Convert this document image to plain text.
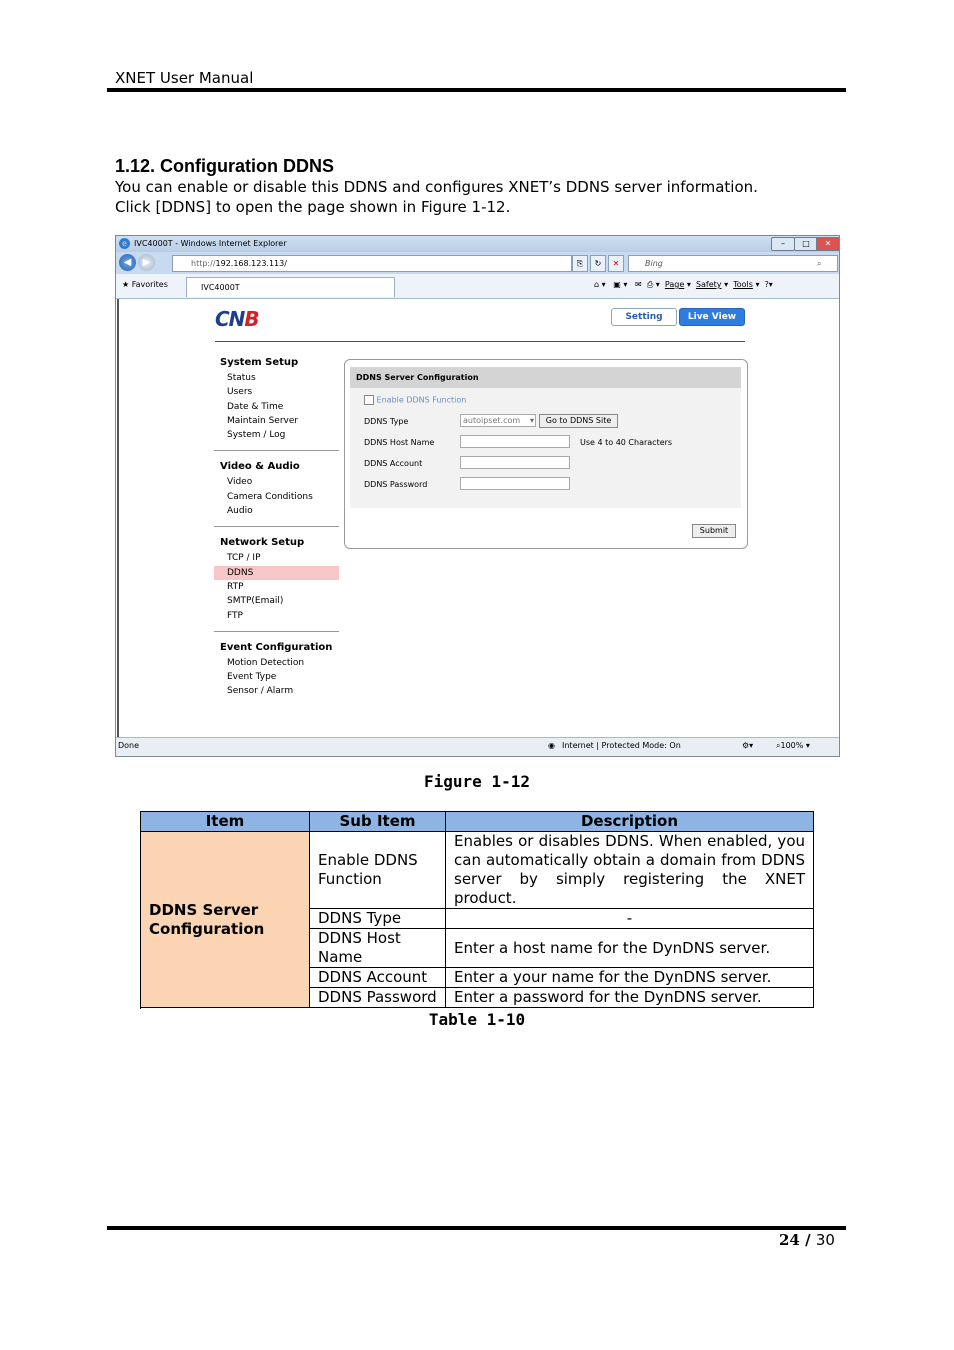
XNET User Manual
1.12. Configuration DDNS
You can enable or disable this DDNS and configures XNET’s DDNS server information.
Click [DDNS] to open the page shown in Figure 1-12.
e IVC4000T - Windows Internet Explorer	–	□	✕
◀	▶	http://192.168.123.113/	⎘	↻	✕	Bing	⌕
★ Favorites	IVC4000T	⌂ ▾ ▣ ▾ ✉ ⎙ ▾ Page ▾ Safety ▾ Tools ▾ ?▾
CNB	Setting	Live View
System Setup
Status
Users
Date & Time
Maintain Server
System / Log
Video & Audio
Video
Camera Conditions
Audio
Network Setup
TCP / IP
DDNS
RTP
SMTP(Email)
FTP
Event Configuration
Motion Detection
Event Type
Sensor / Alarm
DDNS Server Configuration
Enable DDNS Function
DDNS Type	autoipset.com ▾	Go to DDNS Site
DDNS Host Name	Use 4 to 40 Characters
DDNS Account
DDNS Password
Submit
Done	◉ Internet | Protected Mode: On	⚙▾	⌕100% ▾
Figure 1-12
Item	Sub Item	Description
DDNS Server Configuration	Enable DDNS Function	Enables or disables DDNS. When enabled, you can automatically obtain a domain from DDNS server by simply registering the XNET product.
	DDNS Type	-
	DDNS Host Name	Enter a host name for the DynDNS server.
	DDNS Account	Enter a your name for the DynDNS server.
	DDNS Password	Enter a password for the DynDNS server.

Table 1-10
24 / 30
